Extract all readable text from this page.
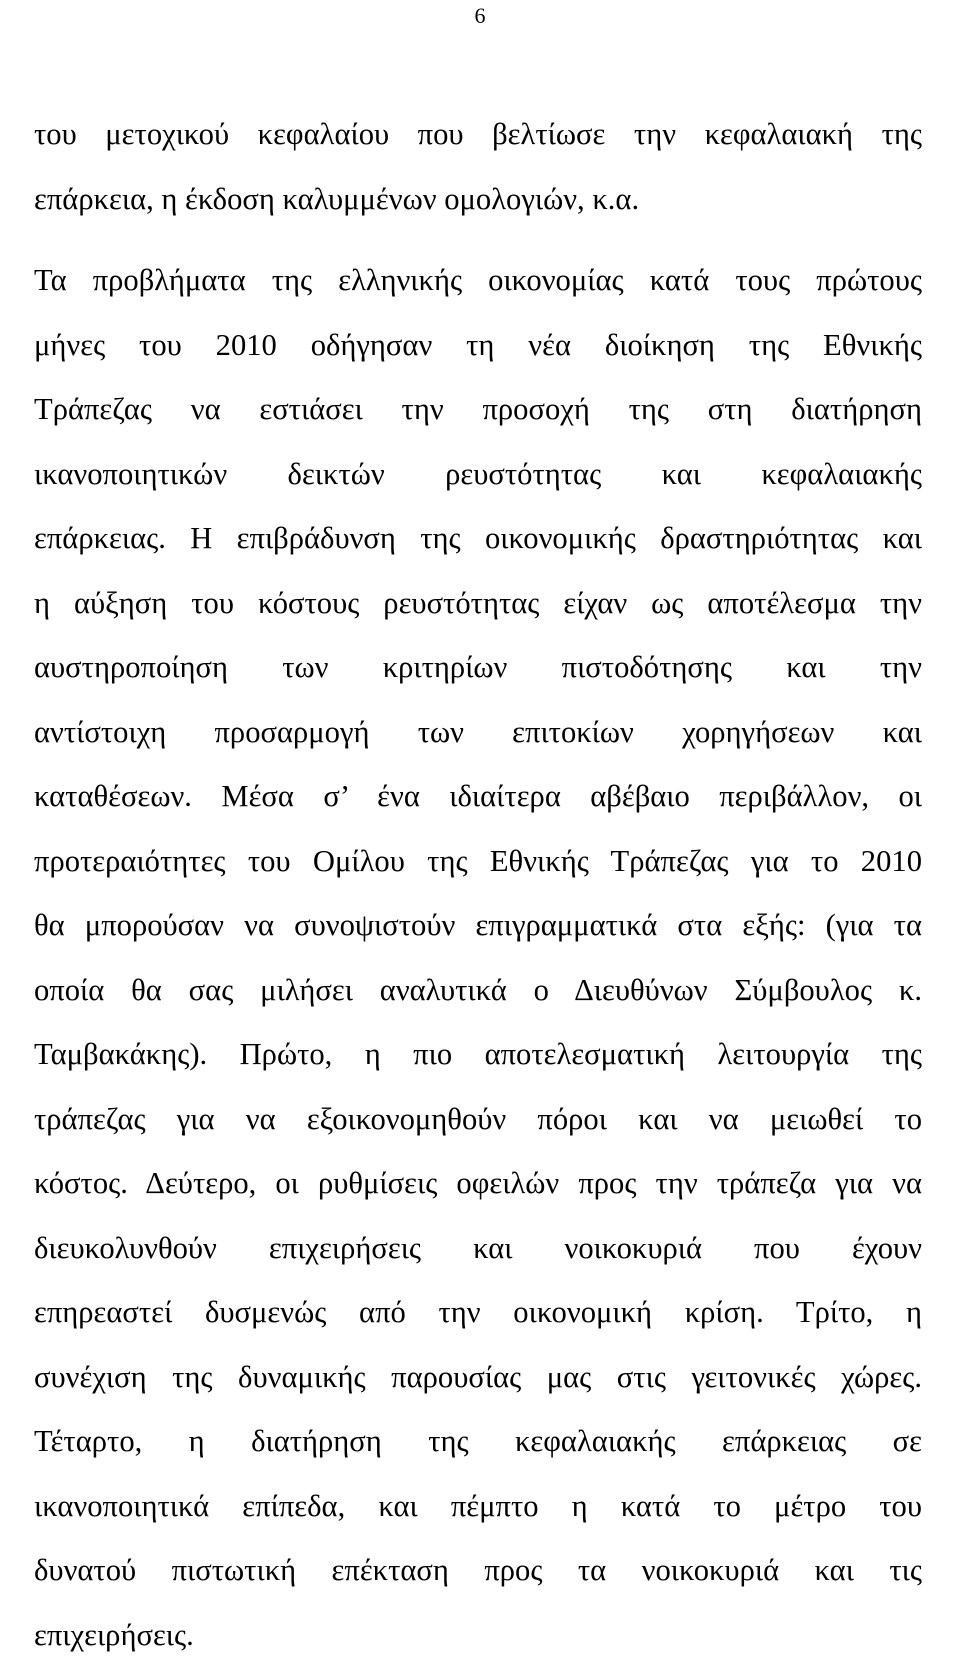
6
του μετοχικού κεφαλαίου που βελτίωσε την κεφαλαιακή της
επάρκεια, η έκδοση καλυμμένων ομολογιών, κ.α.
Τα προβλήματα της ελληνικής οικονομίας κατά τους πρώτους
μήνες του 2010 οδήγησαν τη νέα διοίκηση της Εθνικής
Τράπεζας να εστιάσει την προσοχή της στη διατήρηση
ικανοποιητικών δεικτών ρευστότητας και κεφαλαιακής
επάρκειας. Η επιβράδυνση της οικονομικής δραστηριότητας και
η αύξηση του κόστους ρευστότητας είχαν ως αποτέλεσμα την
αυστηροποίηση των κριτηρίων πιστοδότησης και την
αντίστοιχη προσαρμογή των επιτοκίων χορηγήσεων και
καταθέσεων. Μέσα σ’ ένα ιδιαίτερα αβέβαιο περιβάλλον, οι
προτεραιότητες του Ομίλου της Εθνικής Τράπεζας για το 2010
θα μπορούσαν να συνοψιστούν επιγραμματικά στα εξής: (για τα
οποία θα σας μιλήσει αναλυτικά ο Διευθύνων Σύμβουλος κ.
Ταμβακάκης). Πρώτο, η πιο αποτελεσματική λειτουργία της
τράπεζας για να εξοικονομηθούν πόροι και να μειωθεί το
κόστος. Δεύτερο, οι ρυθμίσεις οφειλών προς την τράπεζα για να
διευκολυνθούν επιχειρήσεις και νοικοκυριά που έχουν
επηρεαστεί δυσμενώς από την οικονομική κρίση. Τρίτο, η
συνέχιση της δυναμικής παρουσίας μας στις γειτονικές χώρες.
Τέταρτο, η διατήρηση της κεφαλαιακής επάρκειας σε
ικανοποιητικά επίπεδα, και πέμπτο η κατά το μέτρο του
δυνατού πιστωτική επέκταση προς τα νοικοκυριά και τις
επιχειρήσεις.
